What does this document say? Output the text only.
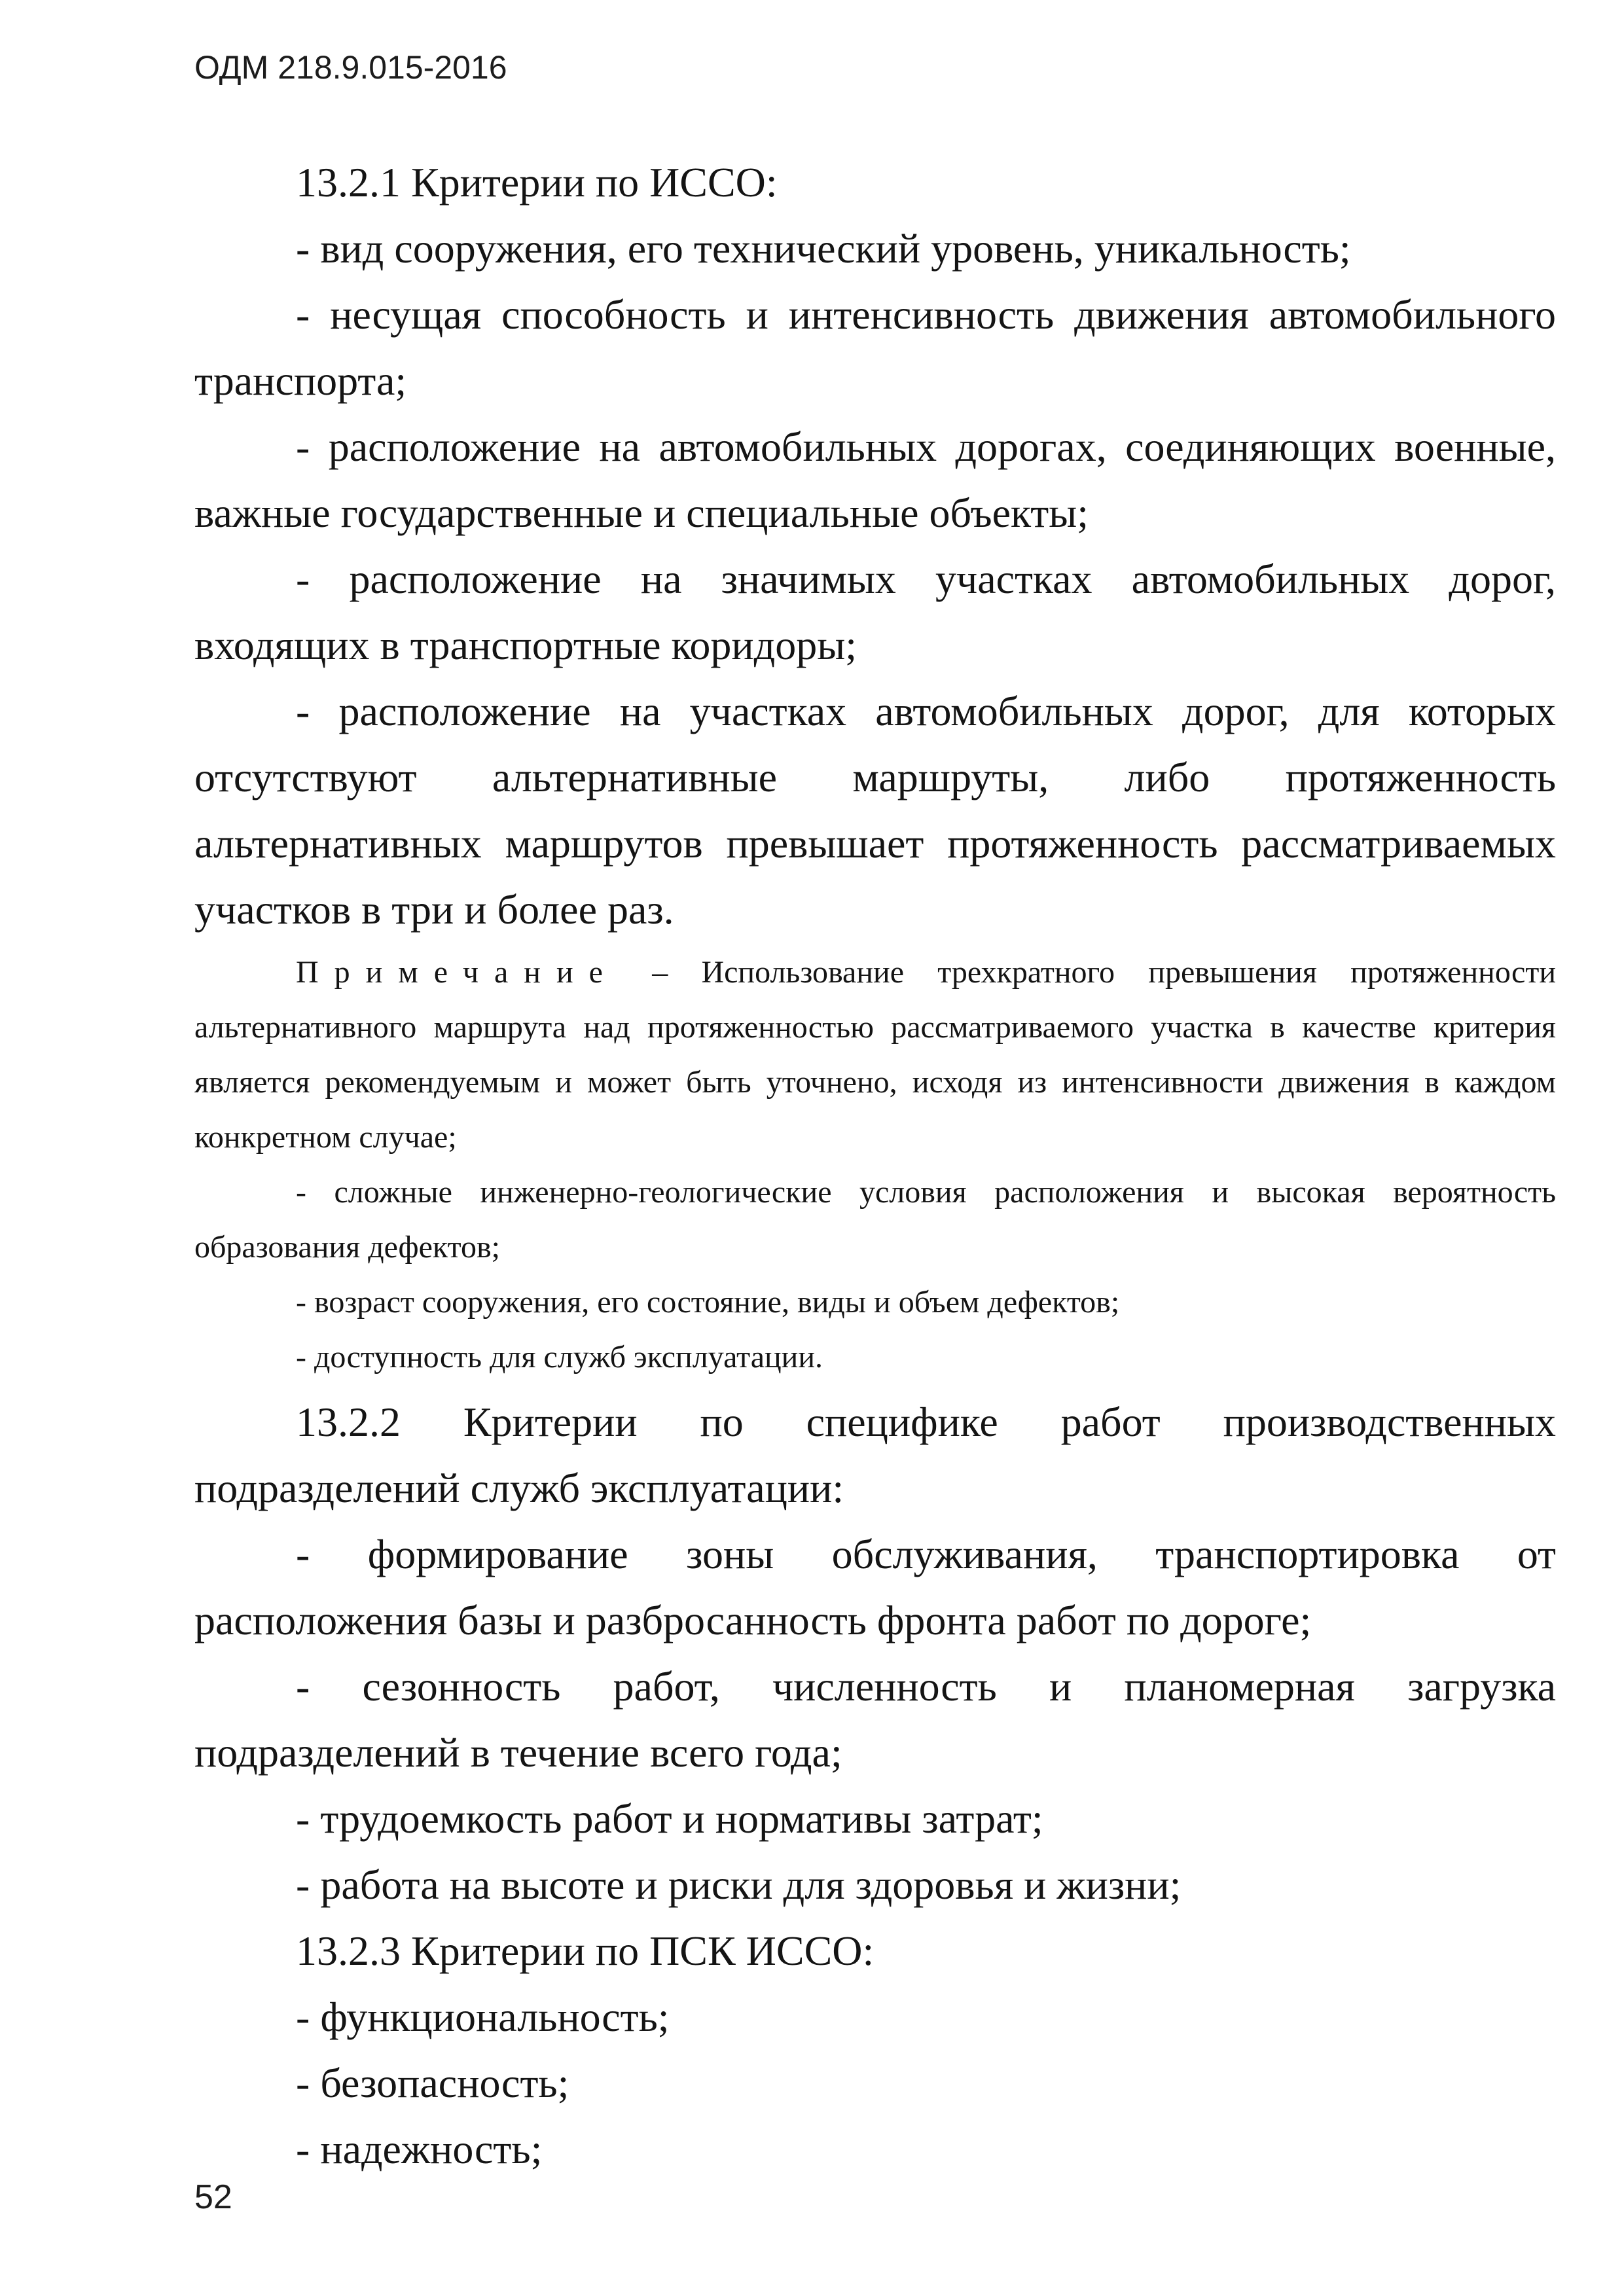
ОДМ 218.9.015-2016

13.2.1 Критерии по ИССО:

- вид сооружения, его технический уровень, уникальность;

- несущая способность и интенсивность движения автомобильного транспорта;

- расположение на автомобильных дорогах, соединяющих военные, важные государственные и специальные объекты;

- расположение на значимых участках автомобильных дорог, входящих в транспортные коридоры;

- расположение на участках автомобильных дорог, для которых отсутствуют альтернативные маршруты, либо протяженность альтернативных маршрутов превышает протяженность рассматриваемых участков в три и более раз.

Примечание – Использование трехкратного превышения протяженности альтернативного маршрута над протяженностью рассматриваемого участка в качестве критерия является рекомендуемым и может быть уточнено, исходя из интенсивности движения в каждом конкретном случае;

- сложные инженерно-геологические условия расположения и высокая вероятность образования дефектов;

- возраст сооружения, его состояние, виды и объем дефектов;

- доступность для служб эксплуатации.

13.2.2 Критерии по специфике работ производственных подразделений служб эксплуатации:

- формирование зоны обслуживания, транспортировка от расположения базы и разбросанность фронта работ по дороге;

- сезонность работ, численность и планомерная загрузка подразделений в течение всего года;

- трудоемкость работ и нормативы затрат;

- работа на высоте и риски для здоровья и жизни;

13.2.3 Критерии по ПСК ИССО:

- функциональность;

- безопасность;

- надежность;

52
